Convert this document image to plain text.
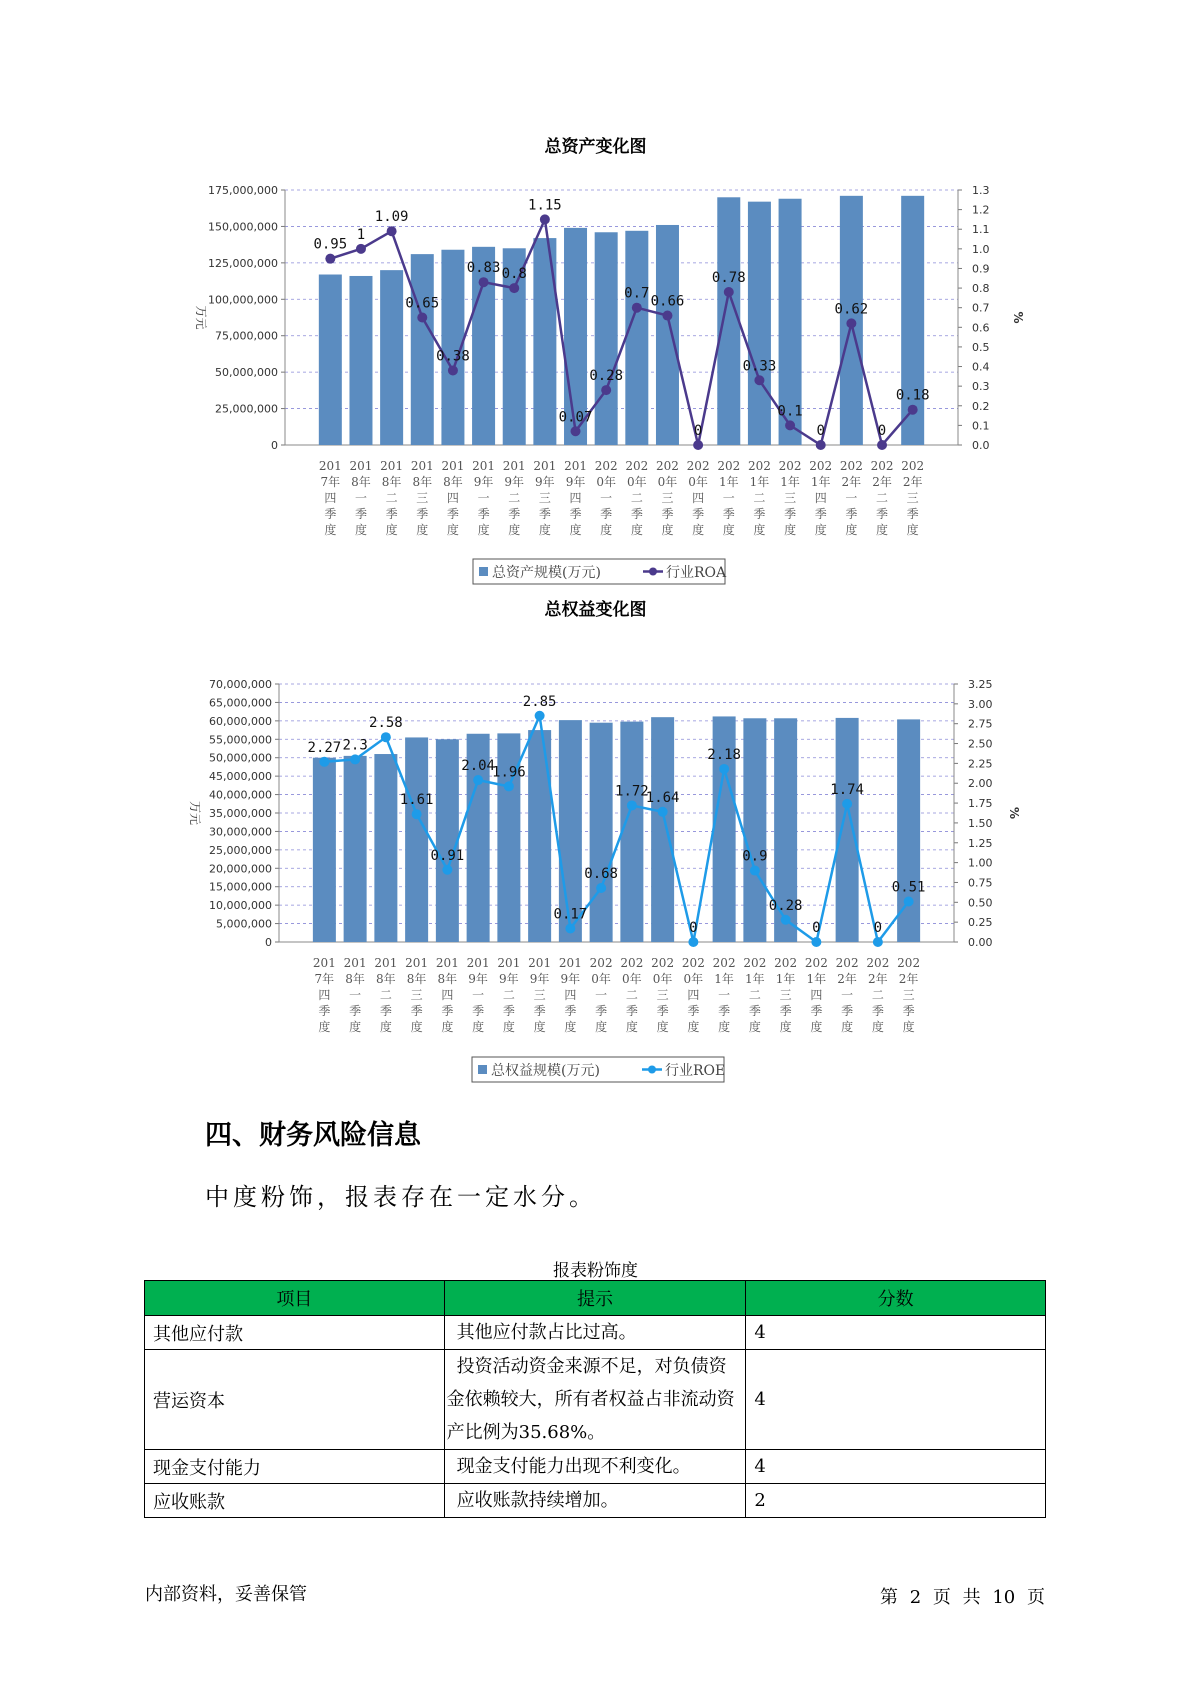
总资产变化图
0
25,000,000
50,000,000
75,000,000
100,000,000
125,000,000
150,000,000
175,000,000
0.0
0.1
0.2
0.3
0.4
0.5
0.6
0.7
0.8
0.9
1.0
1.1
1.2
1.3
万元	%
201
7年
四
季
度
201
8年
一
季
度
201
8年
二
季
度
201
8年
三
季
度
201
8年
四
季
度
201
9年
一
季
度
201
9年
二
季
度
201
9年
三
季
度
201
9年
四
季
度
202
0年
一
季
度
202
0年
二
季
度
202
0年
三
季
度
202
0年
四
季
度
202
1年
一
季
度
202
1年
二
季
度
202
1年
三
季
度
202
1年
四
季
度
202
2年
一
季
度
202
2年
二
季
度
202
2年
三
季
度
0.95
1
1.09
0.65
0.38
0.83 0.8
1.15
0.07
0.28
0.7 0.66
0
0.78
0.33
0.1
0
0.62
0
0.18
总资产规模(万元)	行业ROA
总权益变化图
0
5,000,000
10,000,000
15,000,000
20,000,000
25,000,000
30,000,000
35,000,000
40,000,000
45,000,000
50,000,000
55,000,000
60,000,000
65,000,000
70,000,000
0.00
0.25
0.50
0.75
1.00
1.25
1.50
1.75
2.00
2.25
2.50
2.75
3.00
3.25
万元	%
201
7年
四
季
度
201
8年
一
季
度
201
8年
二
季
度
201
8年
三
季
度
201
8年
四
季
度
201
9年
一
季
度
201
9年
二
季
度
201
9年
三
季
度
201
9年
四
季
度
202
0年
一
季
度
202
0年
二
季
度
202
0年
三
季
度
202
0年
四
季
度
202
1年
一
季
度
202
1年
二
季
度
202
1年
三
季
度
202
1年
四
季
度
202
2年
一
季
度
202
2年
二
季
度
202
2年
三
季
度
2.27 2.3
2.58
1.61
0.91
2.04
1.96
2.85
0.17
0.68
1.72
1.64
0
2.18
0.9
0.28
0
1.74
0
0.51
总权益规模(万元)	行业ROE
四、财务风险信息
中度粉饰，报表存在一定水分。
报表粉饰度
项目	提示	分数
其他应付款	其他应付款占比过高。	4
营运资本	投资活动资金来源不足，对负债资金依赖较大，所有者权益占非流动资产比例为35.68%。	4
现金支付能力	现金支付能力出现不利变化。	4
应收账款	应收账款持续增加。	2
内部资料，妥善保管	第 2 页 共 10 页
